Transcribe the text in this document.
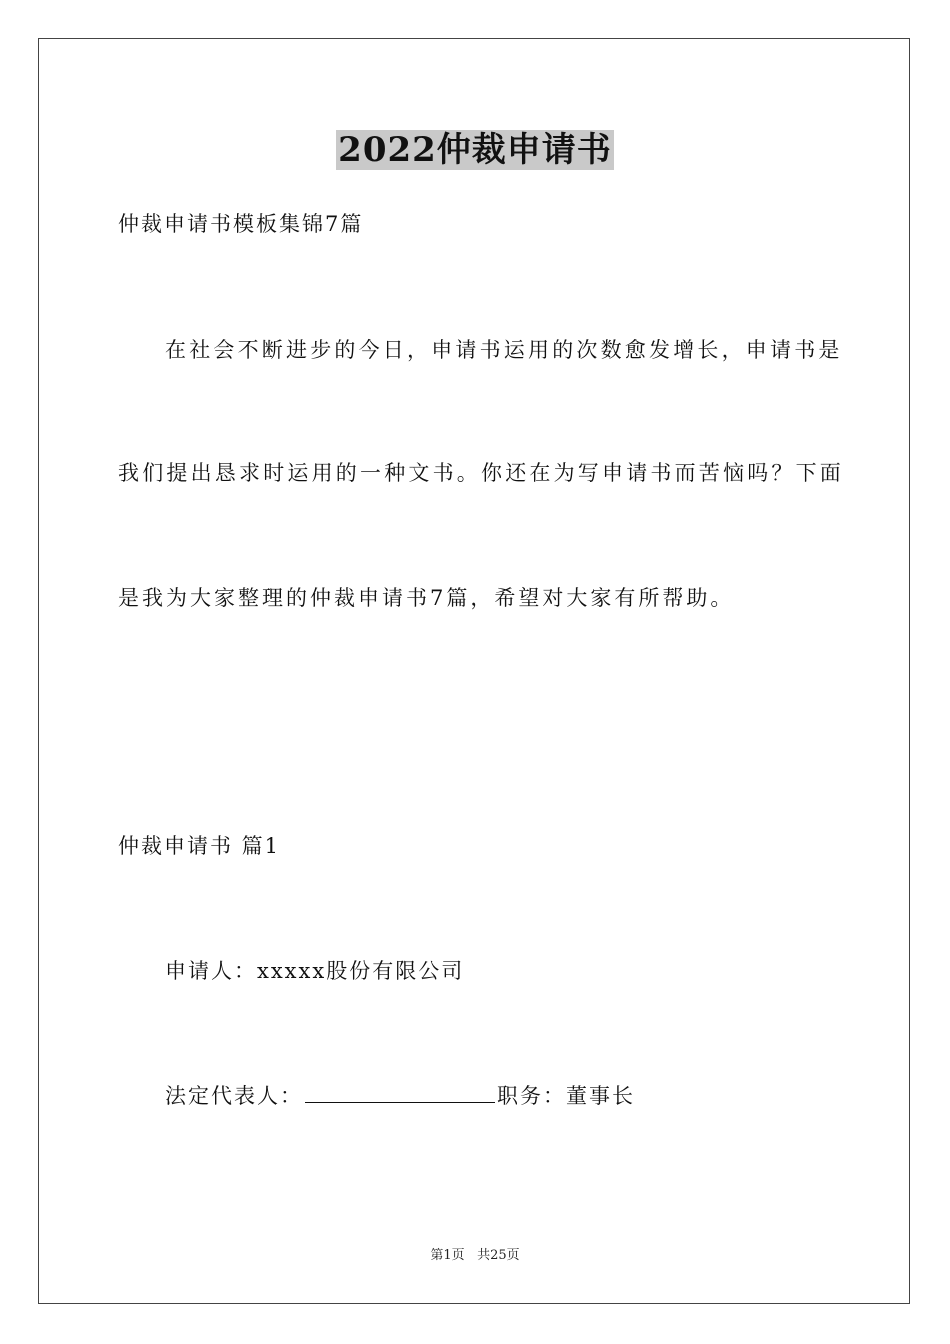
2022仲裁申请书
仲裁申请书模板集锦7篇
在社会不断进步的今日，申请书运用的次数愈发增长，申请书是
我们提出恳求时运用的一种文书。你还在为写申请书而苦恼吗？下面
是我为大家整理的仲裁申请书7篇，希望对大家有所帮助。
仲裁申请书 篇1
申请人：xxxxx股份有限公司
法定代表人：	职务：董事长
第1页 共25页
